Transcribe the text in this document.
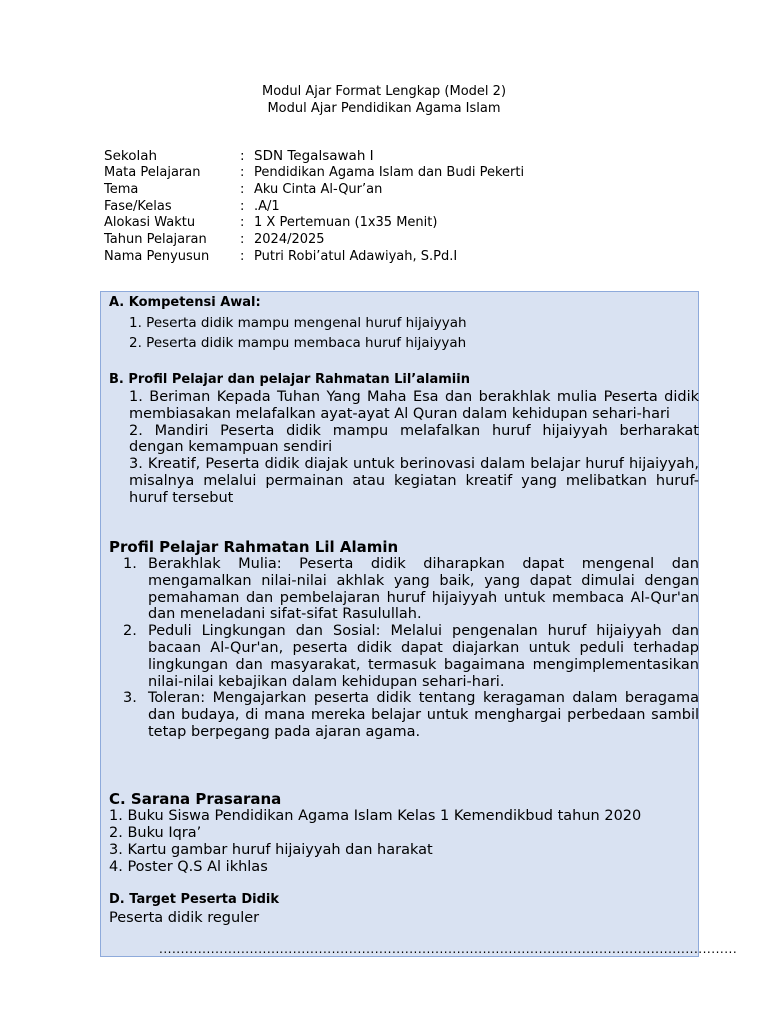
Modul Ajar Format Lengkap (Model 2)
Modul Ajar Pendidikan Agama Islam
Sekolah	: SDN Tegalsawah I
Mata Pelajaran	: Pendidikan Agama Islam dan Budi Pekerti
Tema	: Aku Cinta Al-Qur’an
Fase/Kelas	: .A/1
Alokasi Waktu	: 1 X Pertemuan (1x35 Menit)
Tahun Pelajaran	: 2024/2025
Nama Penyusun	: Putri Robi’atul Adawiyah, S.Pd.I
A. Kompetensi Awal:
1. Peserta didik mampu mengenal huruf hijaiyyah
2. Peserta didik mampu membaca huruf hijaiyyah
B. Profil Pelajar dan pelajar Rahmatan Lil’alamiin

1. Beriman Kepada Tuhan Yang Maha Esa dan berakhlak mulia Peserta didik membiasakan melafalkan ayat-ayat Al Quran dalam kehidupan sehari-hari

2. Mandiri Peserta didik mampu melafalkan huruf hijaiyyah berharakat dengan kemampuan sendiri

3. Kreatif, Peserta didik diajak untuk berinovasi dalam belajar huruf hijaiyyah, misalnya melalui permainan atau kegiatan kreatif yang melibatkan huruf-huruf tersebut

Profil Pelajar Rahmatan Lil Alamin
1. Berakhlak Mulia: Peserta didik diharapkan dapat mengenal dan mengamalkan nilai-nilai akhlak yang baik, yang dapat dimulai dengan pemahaman dan pembelajaran huruf hijaiyyah untuk membaca Al-Qur'an dan meneladani sifat-sifat Rasulullah.
2. Peduli Lingkungan dan Sosial: Melalui pengenalan huruf hijaiyyah dan bacaan Al-Qur'an, peserta didik dapat diajarkan untuk peduli terhadap lingkungan dan masyarakat, termasuk bagaimana mengimplementasikan nilai-nilai kebajikan dalam kehidupan sehari-hari.
3. Toleran: Mengajarkan peserta didik tentang keragaman dalam beragama dan budaya, di mana mereka belajar untuk menghargai perbedaan sambil tetap berpegang pada ajaran agama.
C. Sarana Prasarana
1. Buku Siswa Pendidikan Agama Islam Kelas 1 Kemendikbud tahun 2020
2. Buku Iqra’
3. Kartu gambar huruf hijaiyyah dan harakat
4. Poster Q.S Al ikhlas
D. Target Peserta Didik
Peserta didik reguler
......................................................................................................................................
